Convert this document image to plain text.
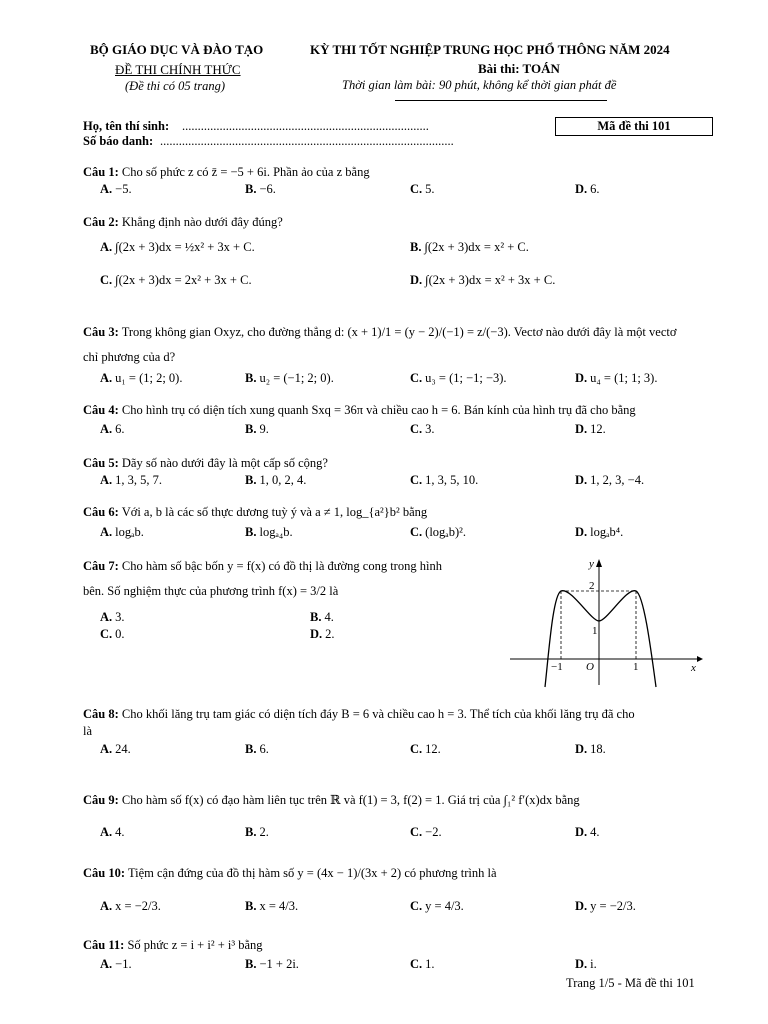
BỘ GIÁO DỤC VÀ ĐÀO TẠO
ĐỀ THI CHÍNH THỨC
(Đề thi có 05 trang)
KỲ THI TỐT NGHIỆP TRUNG HỌC PHỔ THÔNG NĂM 2024
Bài thi: TOÁN
Thời gian làm bài: 90 phút, không kể thời gian phát đề
Họ, tên thí sinh: ...............................................................................
Số báo danh: ..............................................................................................
Mã đề thi 101
Câu 1: Cho số phức z có z̄ = −5 + 6i. Phần ảo của z bằng
A. −5.	B. −6.	C. 5.	D. 6.
Câu 2: Khẳng định nào dưới đây đúng?
A. ∫(2x + 3)dx = ½x² + 3x + C.	B. ∫(2x + 3)dx = x² + C.
C. ∫(2x + 3)dx = 2x² + 3x + C.	D. ∫(2x + 3)dx = x² + 3x + C.
Câu 3: Trong không gian Oxyz, cho đường thẳng d: (x + 1)/1 = (y − 2)/(−1) = z/(−3). Vectơ nào dưới đây là một vectơ
chỉ phương của d?
A. u₁ = (1; 2; 0).	B. u₂ = (−1; 2; 0).	C. u₃ = (1; −1; −3).	D. u₄ = (1; 1; 3).
Câu 4: Cho hình trụ có diện tích xung quanh Sxq = 36π và chiều cao h = 6. Bán kính của hình trụ đã cho bằng
A. 6.	B. 9.	C. 3.	D. 12.
Câu 5: Dãy số nào dưới đây là một cấp số cộng?
A. 1, 3, 5, 7.	B. 1, 0, 2, 4.	C. 1, 3, 5, 10.	D. 1, 2, 3, −4.
Câu 6: Với a, b là các số thực dương tuỳ ý và a ≠ 1, log_{a²}b² bằng
A. logₐb.	B. logₐ₄b.	C. (logₐb)².	D. logₐb⁴.
Câu 7: Cho hàm số bậc bốn y = f(x) có đồ thị là đường cong trong hình
bên. Số nghiệm thực của phương trình f(x) = 3/2 là
A. 3.	B. 4.
C. 0.	D. 2.
Câu 8: Cho khối lăng trụ tam giác có diện tích đáy B = 6 và chiều cao h = 3. Thể tích của khối lăng trụ đã cho
là
A. 24.	B. 6.	C. 12.	D. 18.
Câu 9: Cho hàm số f(x) có đạo hàm liên tục trên ℝ và f(1) = 3, f(2) = 1. Giá trị của ∫₁² f′(x)dx bằng
A. 4.	B. 2.	C. −2.	D. 4.
Câu 10: Tiệm cận đứng của đồ thị hàm số y = (4x − 1)/(3x + 2) có phương trình là
A. x = −2/3.	B. x = 4/3.	C. y = 4/3.	D. y = −2/3.
Câu 11: Số phức z = i + i² + i³ bằng
A. −1.	B. −1 + 2i.	C. 1.	D. i.
y
x
O
2
1
−1	1
Trang 1/5 - Mã đề thi 101
